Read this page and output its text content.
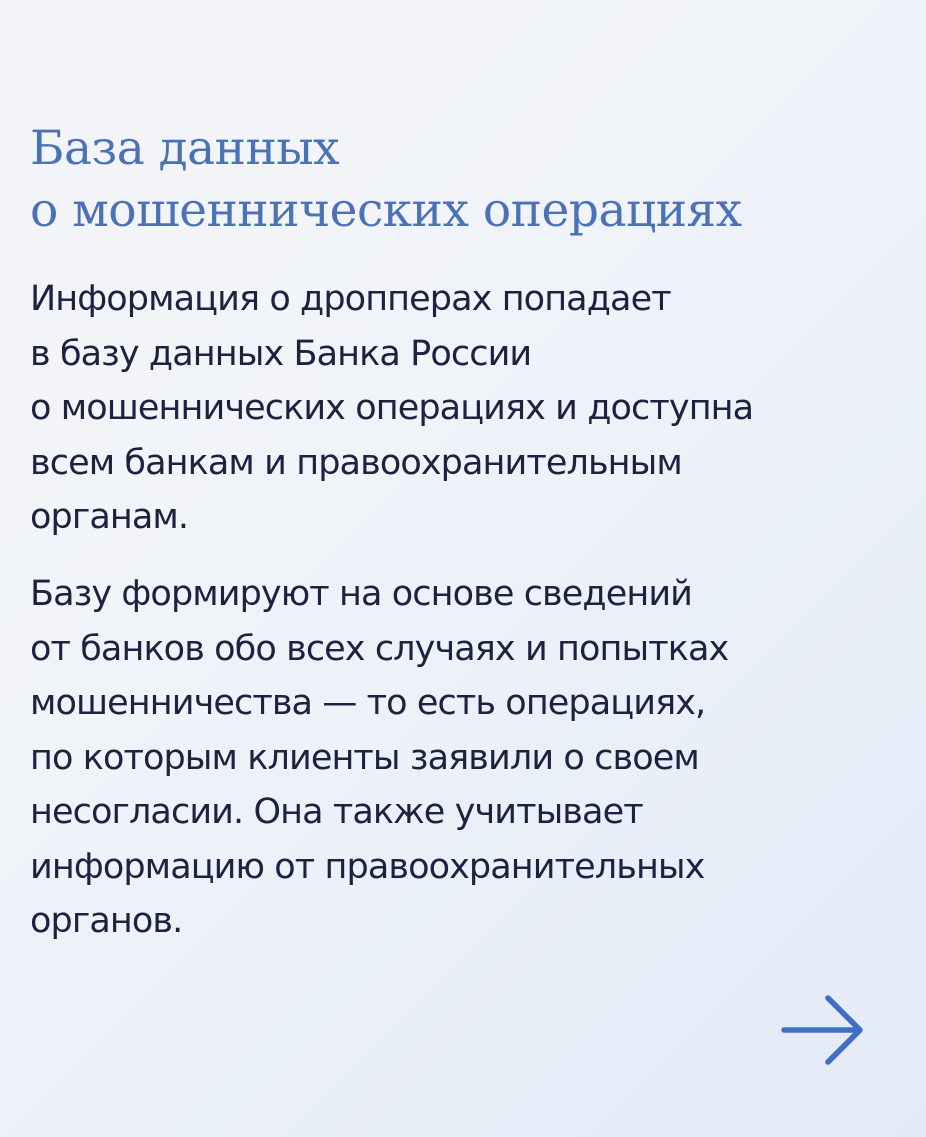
База данных
о мошеннических операциях

Информация о дропперах попадает
в базу данных Банка России
о мошеннических операциях и доступна
всем банкам и правоохранительным
органам.

Базу формируют на основе сведений
от банков обо всех случаях и попытках
мошенничества — то есть операциях,
по которым клиенты заявили о своем
несогласии. Она также учитывает
информацию от правоохранительных
органов.
